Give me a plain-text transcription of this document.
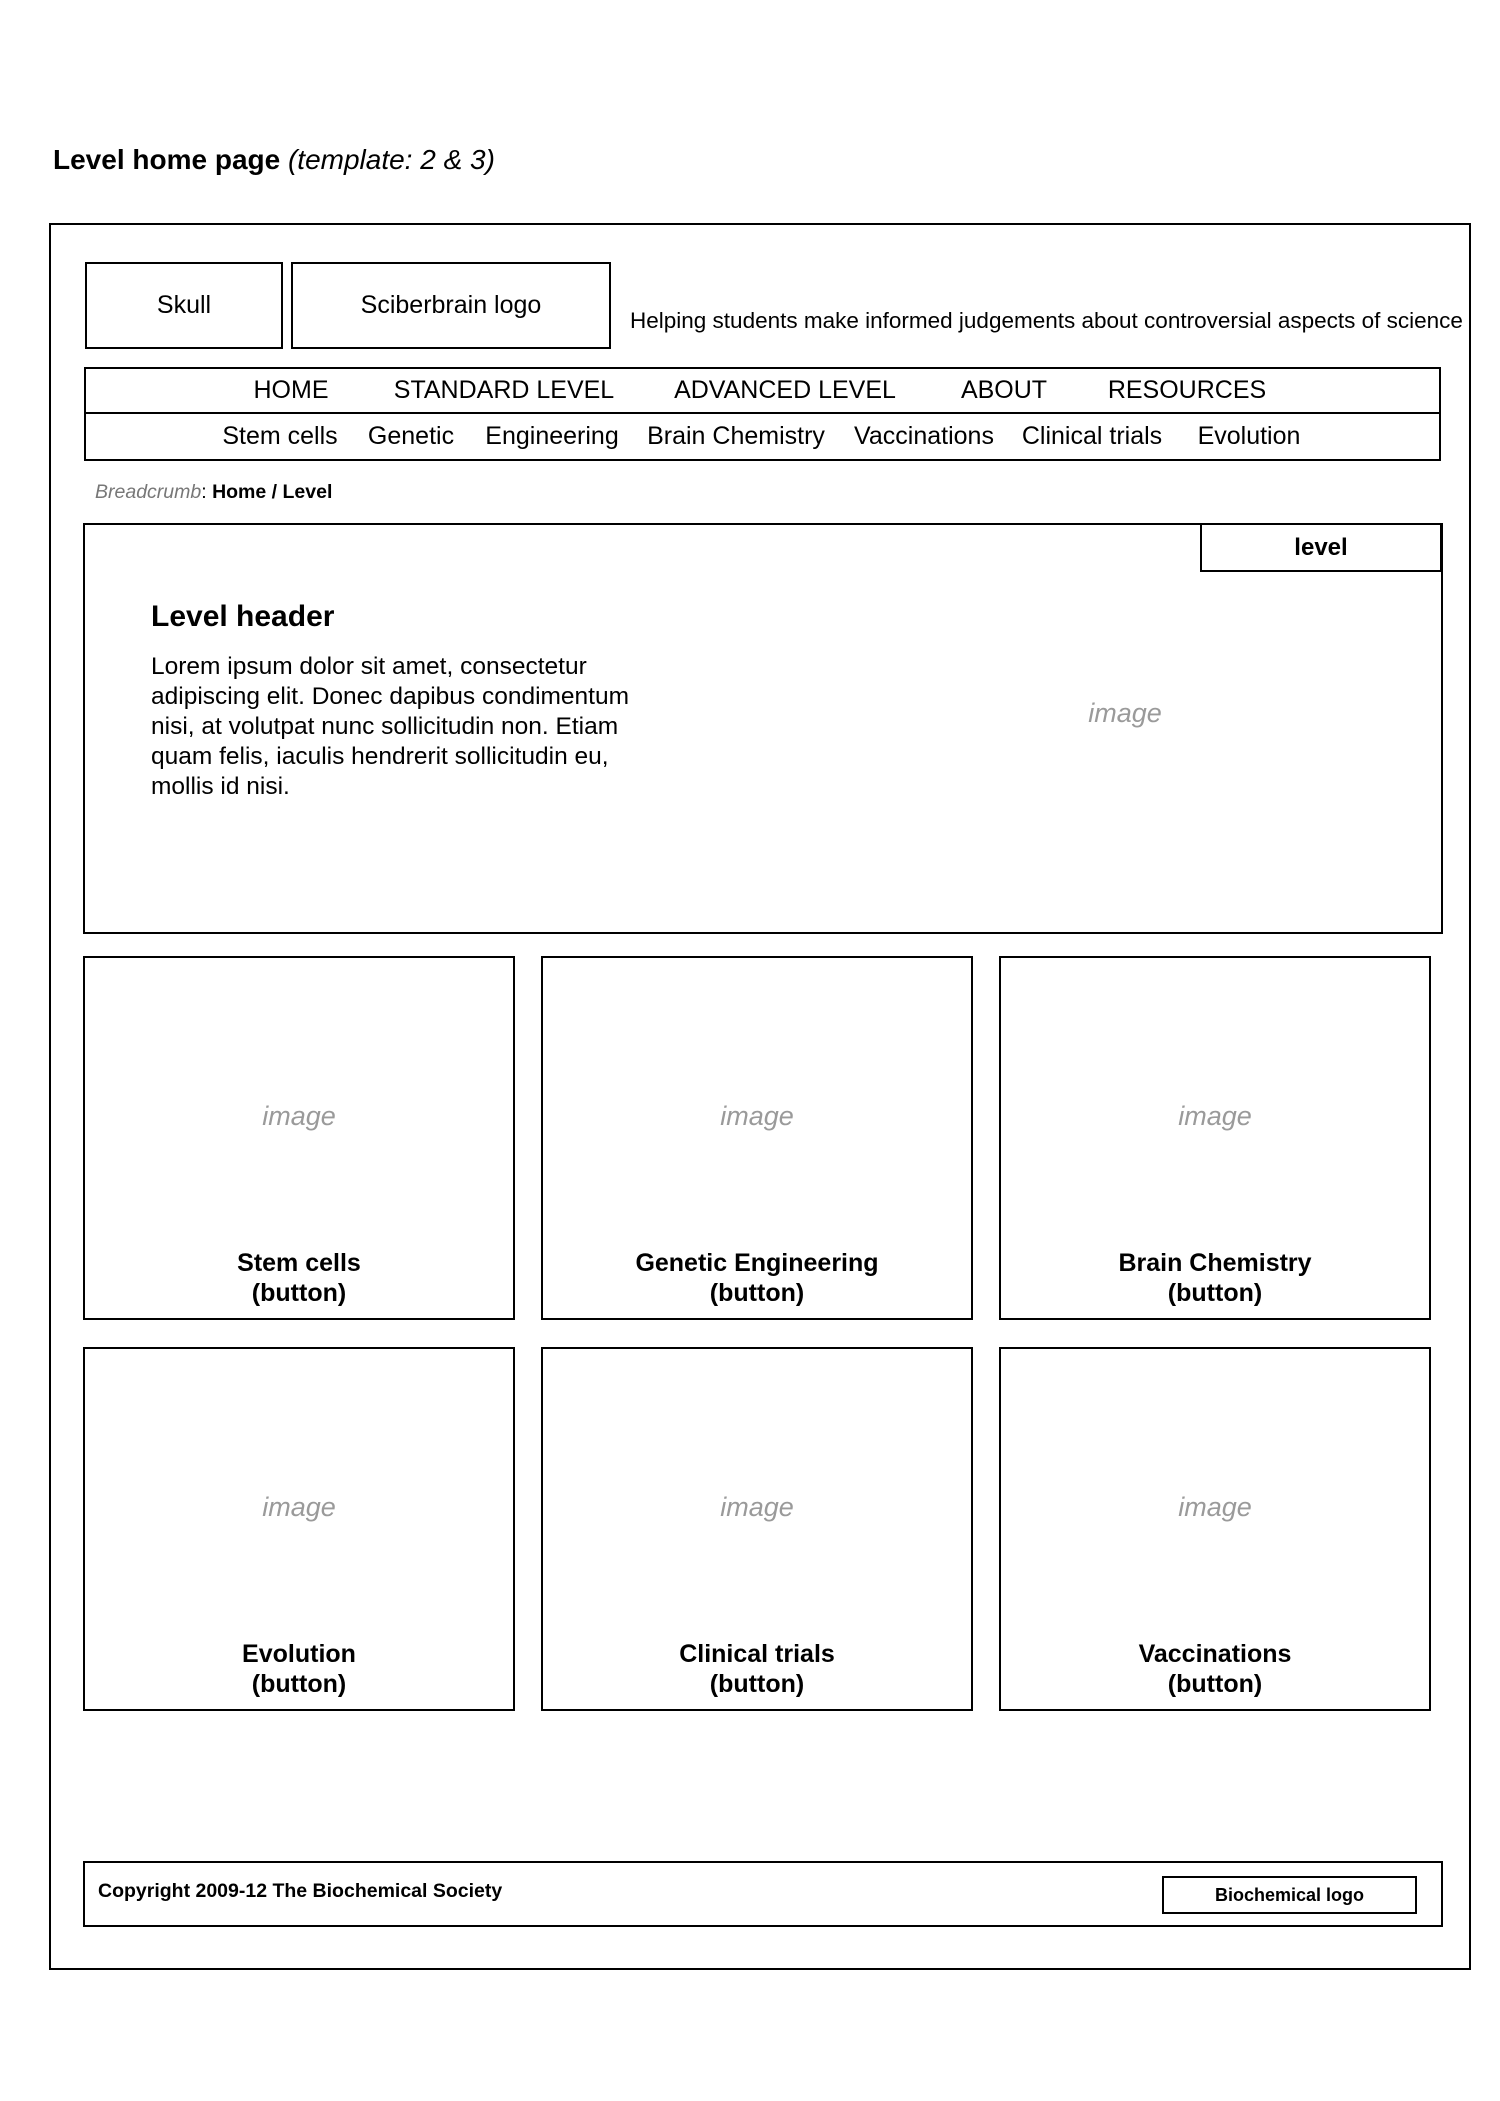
Level home page (template: 2 & 3)
Skull	Sciberbrain logo
Helping students make informed judgements about controversial aspects of science
HOME	STANDARD LEVEL ADVANCED LEVEL	ABOUT RESOURCES
Stem cells Genetic Engineering Brain Chemistry Vaccinations Clinical trials Evolution
Breadcrumb: Home / Level
level
Level header
Lorem ipsum dolor sit amet, consectetur adipiscing elit. Donec dapibus condimentum nisi, at volutpat nunc sollicitudin non. Etiam quam felis, iaculis hendrerit sollicitudin eu, mollis id nisi.
image
image
Stem cells
(button)
image
Genetic Engineering
(button)
image
Brain Chemistry
(button)
image
Evolution
(button)
image
Clinical trials
(button)
image
Vaccinations
(button)
Copyright 2009-12 The Biochemical Society	Biochemical logo
